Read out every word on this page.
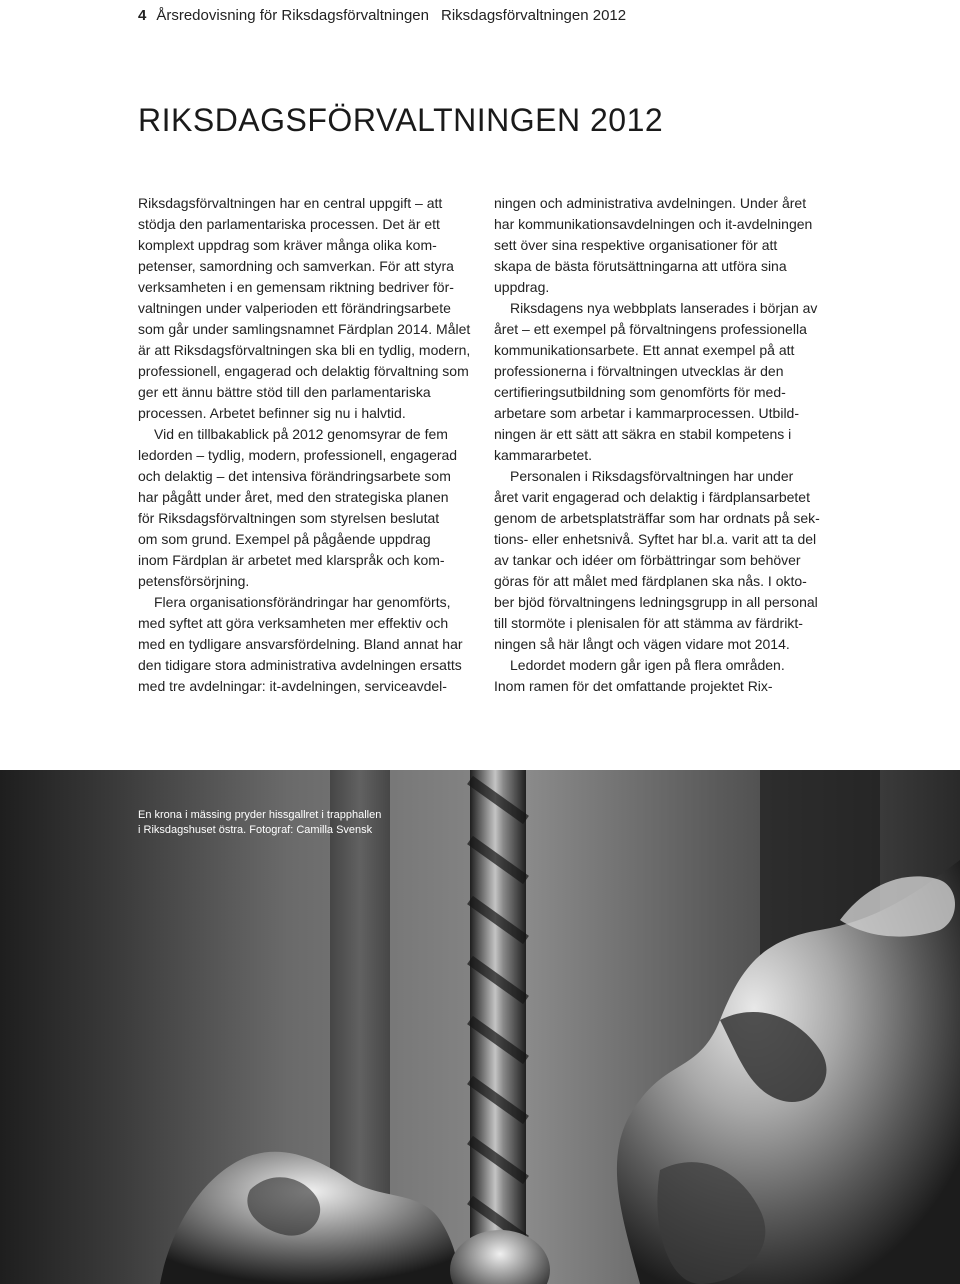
4 Årsredovisning för Riksdagsförvaltningen Riksdagsförvaltningen 2012
RIKSDAGSFÖRVALTNINGEN 2012

Riksdagsförvaltningen har en central uppgift – att

stödja den parlamentariska processen. Det är ett

komplext uppdrag som kräver många olika kom-

petenser, samordning och samverkan. För att styra

verksamheten i en gemensam riktning bedriver för-

valtningen under valperioden ett förändringsarbete

som går under samlingsnamnet Färdplan 2014. Målet

är att Riksdagsförvaltningen ska bli en tydlig, modern,

professionell, engagerad och delaktig förvaltning som

ger ett ännu bättre stöd till den parlamentariska

processen. Arbetet befinner sig nu i halvtid.

Vid en tillbakablick på 2012 genomsyrar de fem

ledorden – tydlig, modern, professionell, engagerad

och delaktig – det intensiva förändringsarbete som

har pågått under året, med den strategiska planen

för Riksdagsförvaltningen som styrelsen beslutat

om som grund. Exempel på pågående uppdrag

inom Färdplan är arbetet med klarspråk och kom-

petensförsörjning.

Flera organisationsförändringar har genomförts,

med syftet att göra verksamheten mer effektiv och

med en tydligare ansvarsfördelning. Bland annat har

den tidigare stora administrativa avdelningen ersatts

med tre avdelningar: it-avdelningen, serviceavdel-

ningen och administrativa avdelningen. Under året

har kommunikationsavdelningen och it-avdelningen

sett över sina respektive organisationer för att

skapa de bästa förutsättningarna att utföra sina

uppdrag.

Riksdagens nya webbplats lanserades i början av

året – ett exempel på förvaltningens professionella

kommunikationsarbete. Ett annat exempel på att

professionerna i förvaltningen utvecklas är den

certifieringsutbildning som genomförts för med-

arbetare som arbetar i kammarprocessen. Utbild-

ningen är ett sätt att säkra en stabil kompetens i

kammararbetet.

Personalen i Riksdagsförvaltningen har under

året varit engagerad och delaktig i färdplansarbetet

genom de arbetsplatsträffar som har ordnats på sek-

tions- eller enhetsnivå. Syftet har bl.a. varit att ta del

av tankar och idéer om förbättringar som behöver

göras för att målet med färdplanen ska nås. I okto-

ber bjöd förvaltningens ledningsgrupp in all personal

till stormöte i plenisalen för att stämma av färdrikt-

ningen så här långt och vägen vidare mot 2014.

Ledordet modern går igen på flera områden.

Inom ramen för det omfattande projektet Rix-

En krona i mässing pryder hissgallret i trapphallen
i Riksdagshuset östra. Fotograf: Camilla Svensk
